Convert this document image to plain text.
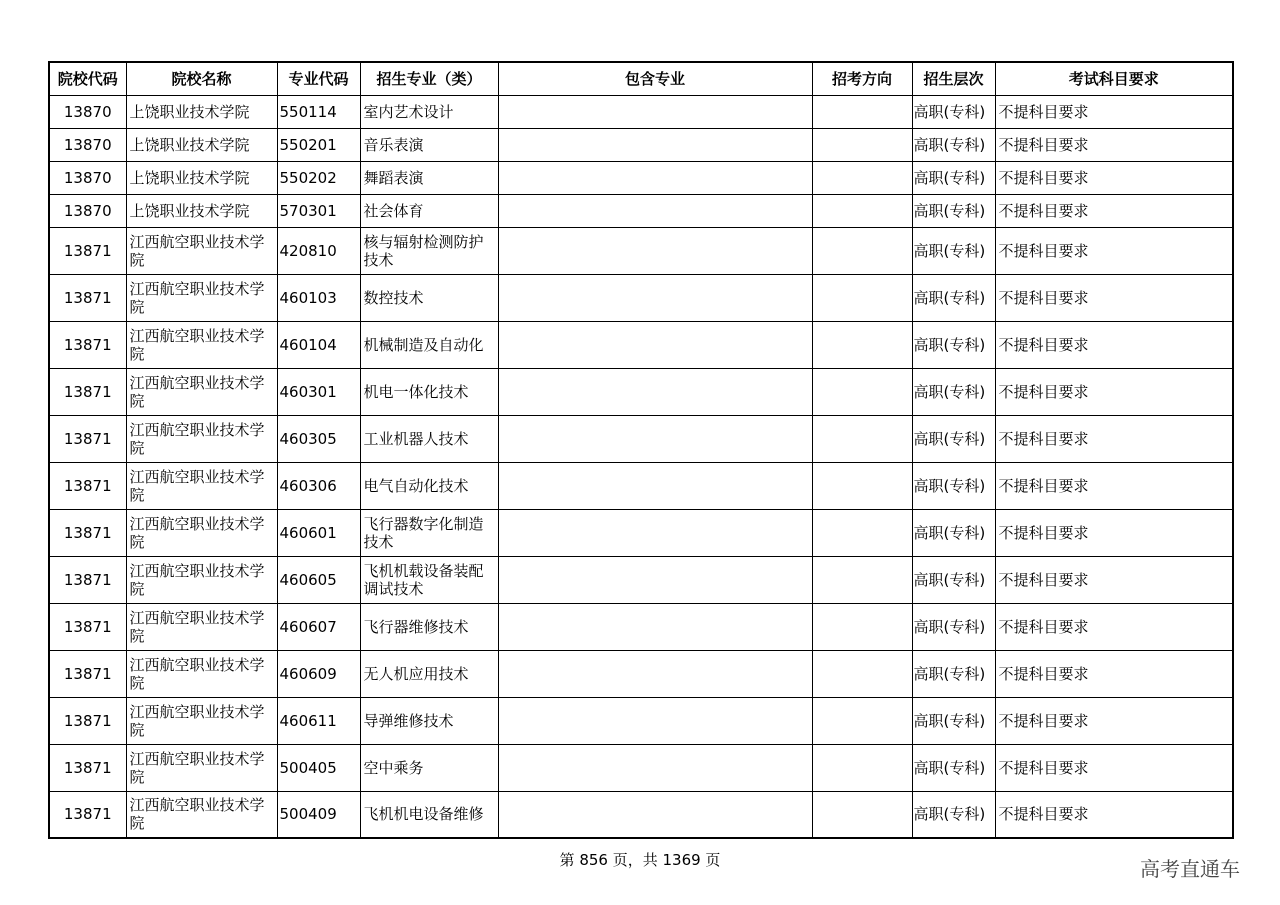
院校代码	院校名称	专业代码	招生专业（类）	包含专业	招考方向	招生层次	考试科目要求
13870	上饶职业技术学院	550114	室内艺术设计			高职(专科)	不提科目要求
13870	上饶职业技术学院	550201	音乐表演			高职(专科)	不提科目要求
13870	上饶职业技术学院	550202	舞蹈表演			高职(专科)	不提科目要求
13870	上饶职业技术学院	570301	社会体育			高职(专科)	不提科目要求
13871	江西航空职业技术学院	420810	核与辐射检测防护技术			高职(专科)	不提科目要求
13871	江西航空职业技术学院	460103	数控技术			高职(专科)	不提科目要求
13871	江西航空职业技术学院	460104	机械制造及自动化			高职(专科)	不提科目要求
13871	江西航空职业技术学院	460301	机电一体化技术			高职(专科)	不提科目要求
13871	江西航空职业技术学院	460305	工业机器人技术			高职(专科)	不提科目要求
13871	江西航空职业技术学院	460306	电气自动化技术			高职(专科)	不提科目要求
13871	江西航空职业技术学院	460601	飞行器数字化制造技术			高职(专科)	不提科目要求
13871	江西航空职业技术学院	460605	飞机机载设备装配调试技术			高职(专科)	不提科目要求
13871	江西航空职业技术学院	460607	飞行器维修技术			高职(专科)	不提科目要求
13871	江西航空职业技术学院	460609	无人机应用技术			高职(专科)	不提科目要求
13871	江西航空职业技术学院	460611	导弹维修技术			高职(专科)	不提科目要求
13871	江西航空职业技术学院	500405	空中乘务			高职(专科)	不提科目要求
13871	江西航空职业技术学院	500409	飞机机电设备维修			高职(专科)	不提科目要求
第 856 页，共 1369 页	高考直通车
